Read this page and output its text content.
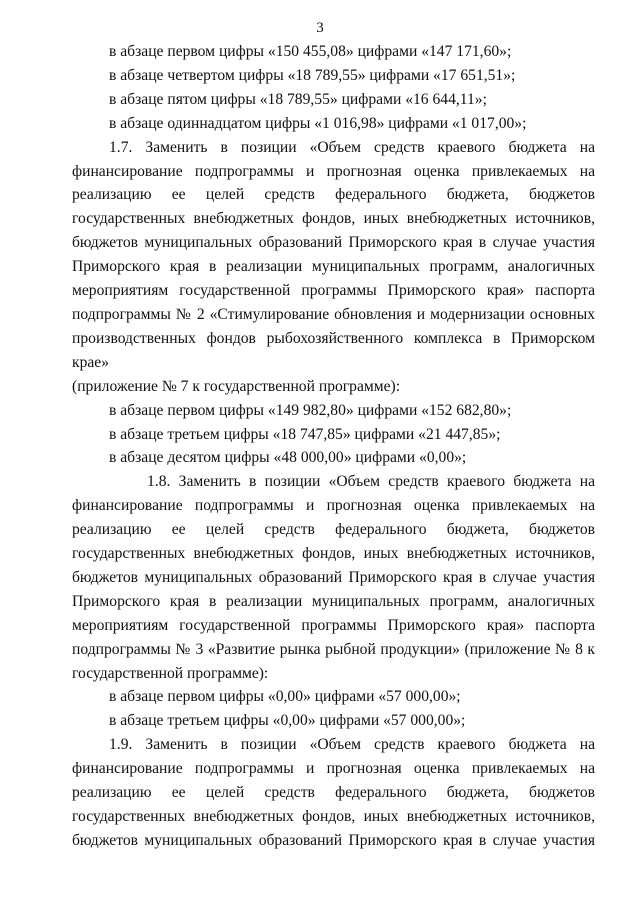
3

в абзаце первом цифры «150 455,08» цифрами «147 171,60»;

в абзаце четвертом цифры «18 789,55» цифрами «17 651,51»;

в абзаце пятом цифры «18 789,55» цифрами «16 644,11»;

в абзаце одиннадцатом цифры «1 016,98» цифрами «1 017,00»;

1.7. Заменить в позиции «Объем средств краевого бюджета на
финансирование подпрограммы и прогнозная оценка привлекаемых на
реализацию ее целей средств федерального бюджета, бюджетов
государственных внебюджетных фондов, иных внебюджетных источников,
бюджетов муниципальных образований Приморского края в случае участия
Приморского края в реализации муниципальных программ, аналогичных
мероприятиям государственной программы Приморского края» паспорта
подпрограммы № 2 «Стимулирование обновления и модернизации основных
производственных фондов рыбохозяйственного комплекса в Приморском крае»
(приложение № 7 к государственной программе):

в абзаце первом цифры «149 982,80» цифрами «152 682,80»;

в абзаце третьем цифры «18 747,85» цифрами «21 447,85»;

в абзаце десятом цифры «48 000,00» цифрами «0,00»;

1.8. Заменить в позиции «Объем средств краевого бюджета на
финансирование подпрограммы и прогнозная оценка привлекаемых на
реализацию ее целей средств федерального бюджета, бюджетов
государственных внебюджетных фондов, иных внебюджетных источников,
бюджетов муниципальных образований Приморского края в случае участия
Приморского края в реализации муниципальных программ, аналогичных
мероприятиям государственной программы Приморского края» паспорта
подпрограммы № 3 «Развитие рынка рыбной продукции» (приложение № 8 к
государственной программе):

в абзаце первом цифры «0,00» цифрами «57 000,00»;

в абзаце третьем цифры «0,00» цифрами «57 000,00»;

1.9. Заменить в позиции «Объем средств краевого бюджета на
финансирование подпрограммы и прогнозная оценка привлекаемых на
реализацию ее целей средств федерального бюджета, бюджетов
государственных внебюджетных фондов, иных внебюджетных источников,
бюджетов муниципальных образований Приморского края в случае участия
